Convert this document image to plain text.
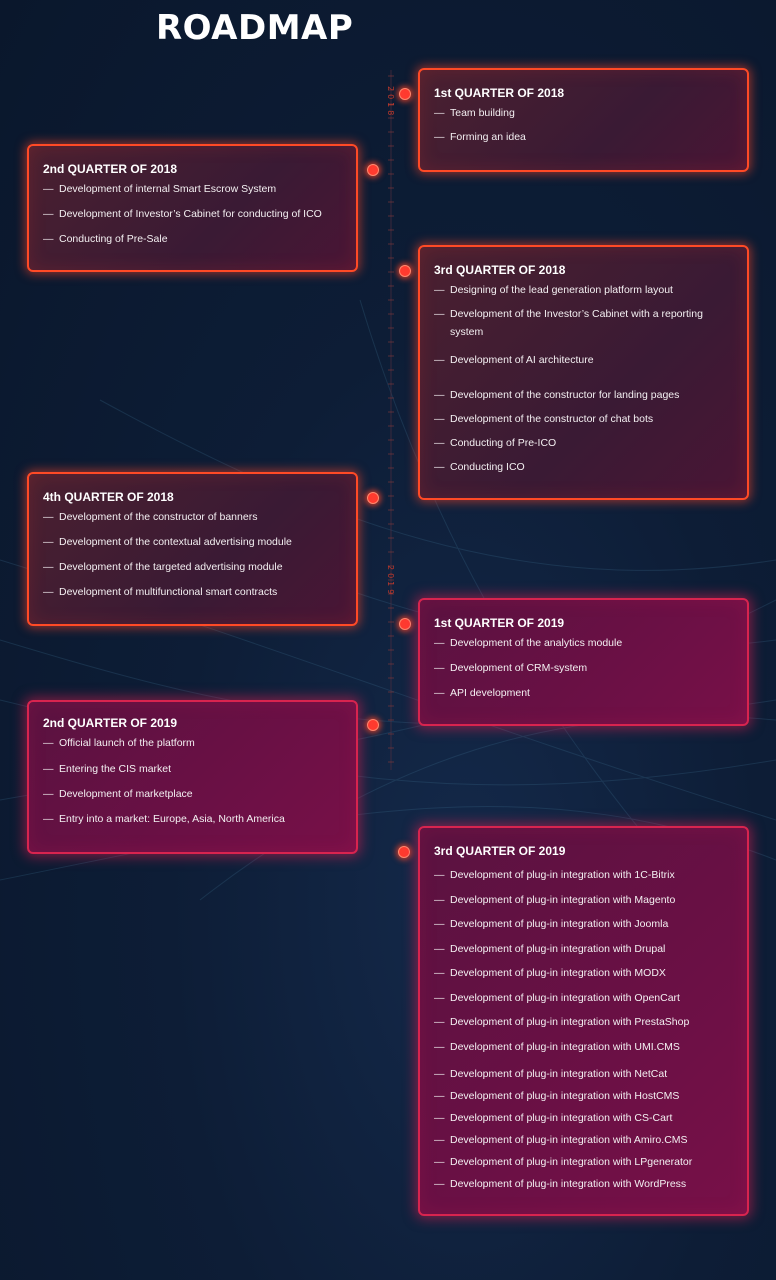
ROADMAP
2018
2019
1st QUARTER OF 2018
— Team building
— Forming an idea
2nd QUARTER OF 2018
— Development of internal Smart Escrow System
— Development of Investor’s Cabinet for conducting of ICO
— Conducting of Pre-Sale
3rd QUARTER OF 2018
— Designing of the lead generation platform layout
— Development of the Investor’s Cabinet with a reporting system
— Development of AI architecture
— Development of the constructor for landing pages
— Development of the constructor of chat bots
— Conducting of Pre-ICO
— Conducting ICO
4th QUARTER OF 2018
— Development of the constructor of banners
— Development of the contextual advertising module
— Development of the targeted advertising module
— Development of multifunctional smart contracts
1st QUARTER OF 2019
— Development of the analytics module
— Development of CRM-system
— API development
2nd QUARTER OF 2019
— Official launch of the platform
— Entering the CIS market
— Development of marketplace
— Entry into a market: Europe, Asia, North America
3rd QUARTER OF 2019
— Development of plug-in integration with 1C-Bitrix
— Development of plug-in integration with Magento
— Development of plug-in integration with Joomla
— Development of plug-in integration with Drupal
— Development of plug-in integration with MODX
— Development of plug-in integration with OpenCart
— Development of plug-in integration with PrestaShop
— Development of plug-in integration with UMI.CMS
— Development of plug-in integration with NetCat
— Development of plug-in integration with HostCMS
— Development of plug-in integration with CS-Cart
— Development of plug-in integration with Amiro.CMS
— Development of plug-in integration with LPgenerator
— Development of plug-in integration with WordPress
